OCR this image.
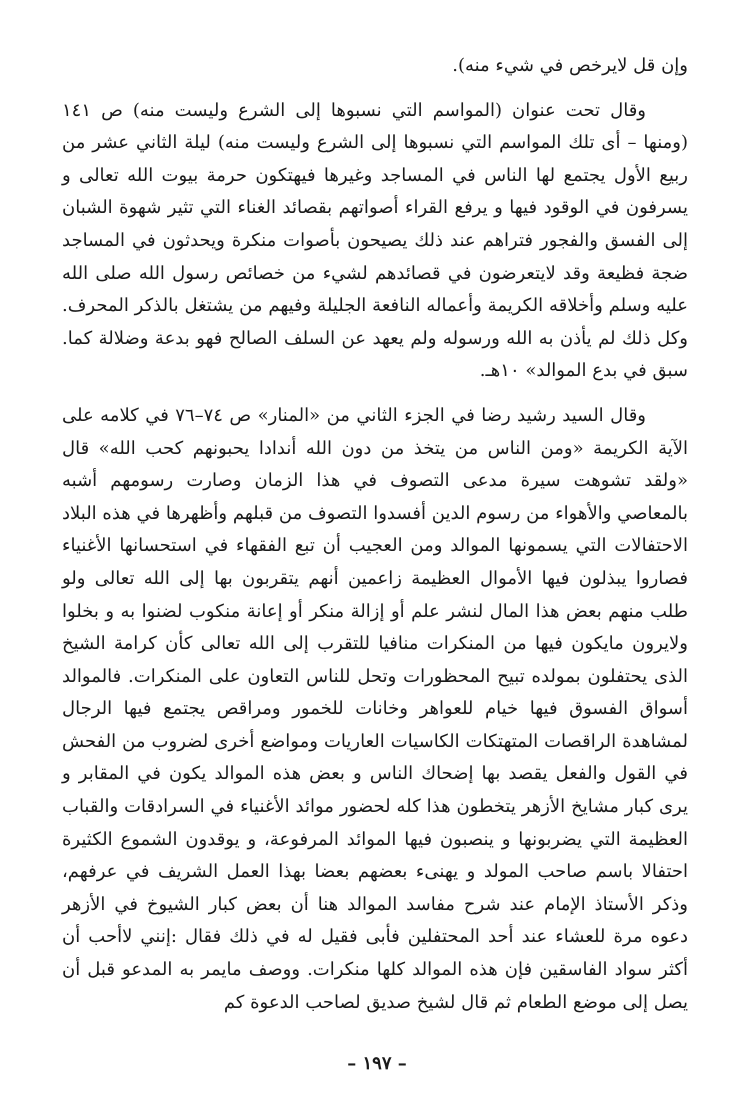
وإن قل لايرخص في شيء منه).

وقال تحت عنوان (المواسم التي نسبوها إلى الشرع وليست منه) ص ١٤١ (ومنها – أى تلك المواسم التي نسبوها إلى الشرع وليست منه) ليلة الثاني عشر من ربيع الأول يجتمع لها الناس في المساجد وغيرها فيهتكون حرمة بيوت الله تعالى و يسرفون في الوقود فيها و يرفع القراء أصواتهم بقصائد الغناء التي تثير شهوة الشبان إلى الفسق والفجور فتراهم عند ذلك يصيحون بأصوات منكرة ويحدثون في المساجد ضجة فظيعة وقد لايتعرضون في قصائدهم لشيء من خصائص رسول الله صلى الله عليه وسلم وأخلاقه الكريمة وأعماله النافعة الجليلة وفيهم من يشتغل بالذكر المحرف. وكل ذلك لم يأذن به الله ورسوله ولم يعهد عن السلف الصالح فهو بدعة وضلالة كما. سبق في بدع الموالد» ١٠هـ.

وقال السيد رشيد رضا في الجزء الثاني من «المنار» ص ٧٤–٧٦ في كلامه على الآية الكريمة «ومن الناس من يتخذ من دون الله أندادا يحبونهم كحب الله» قال «ولقد تشوهت سيرة مدعى التصوف في هذا الزمان وصارت رسومهم أشبه بالمعاصي والأهواء من رسوم الدين أفسدوا التصوف من قبلهم وأظهرها في هذه البلاد الاحتفالات التي يسمونها الموالد ومن العجيب أن تبع الفقهاء في استحسانها الأغنياء فصاروا يبذلون فيها الأموال العظيمة زاعمين أنهم يتقربون بها إلى الله تعالى ولو طلب منهم بعض هذا المال لنشر علم أو إزالة منكر أو إعانة منكوب لضنوا به و بخلوا ولايرون مايكون فيها من المنكرات منافيا للتقرب إلى الله تعالى كأن كرامة الشيخ الذى يحتفلون بمولده تبيح المحظورات وتحل للناس التعاون على المنكرات. فالموالد أسواق الفسوق فيها خيام للعواهر وخانات للخمور ومراقص يجتمع فيها الرجال لمشاهدة الراقصات المتهتكات الكاسيات العاريات ومواضع أخرى لضروب من الفحش في القول والفعل يقصد بها إضحاك الناس و بعض هذه الموالد يكون في المقابر و يرى كبار مشايخ الأزهر يتخطون هذا كله لحضور موائد الأغنياء في السرادقات والقباب العظيمة التي يضربونها و ينصبون فيها الموائد المرفوعة، و يوقدون الشموع الكثيرة احتفالا باسم صاحب المولد و يهنىء بعضهم بعضا بهذا العمل الشريف في عرفهم، وذكر الأستاذ الإمام عند شرح مفاسد الموالد هنا أن بعض كبار الشيوخ في الأزهر دعوه مرة للعشاء عند أحد المحتفلين فأبى فقيل له في ذلك فقال :إنني لاأحب أن أكثر سواد الفاسقين فإن هذه الموالد كلها منكرات. ووصف مايمر به المدعو قبل أن يصل إلى موضع الطعام ثم قال لشيخ صديق لصاحب الدعوة كم

– ١٩٧ –
